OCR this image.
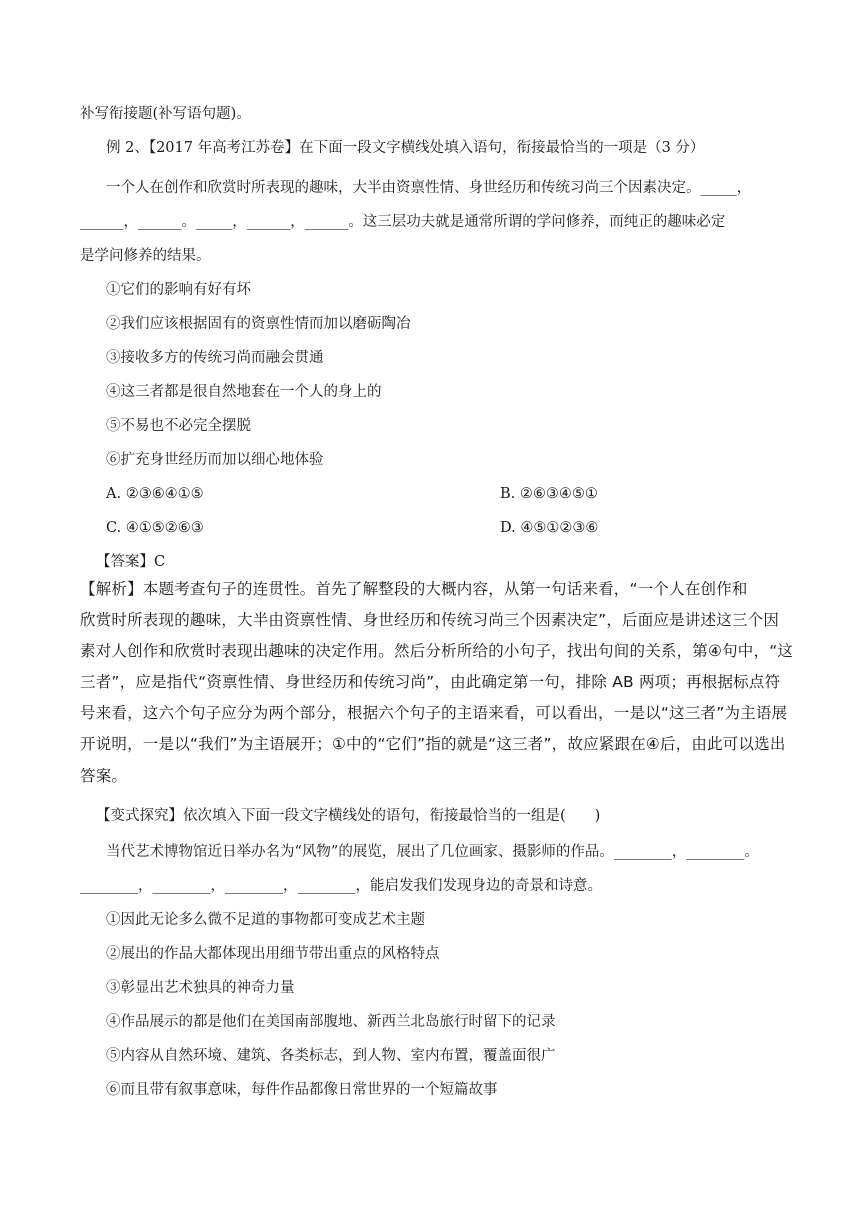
补写衔接题(补写语句题)。
例 2、【2017 年高考江苏卷】在下面一段文字横线处填入语句，衔接最恰当的一项是（3 分）
一个人在创作和欣赏时所表现的趣味，大半由资禀性情、身世经历和传统习尚三个因素决定。_____，
______，______。_____，______，______。这三层功夫就是通常所谓的学问修养，而纯正的趣味必定
是学问修养的结果。
①它们的影响有好有坏
②我们应该根据固有的资禀性情而加以磨砺陶冶
③接收多方的传统习尚而融会贯通
④这三者都是很自然地套在一个人的身上的
⑤不易也不必完全摆脱
⑥扩充身世经历而加以细心地体验
A. ②③⑥④①⑤	B. ②⑥③④⑤①
C. ④①⑤②⑥③	D. ④⑤①②③⑥
【答案】C
【解析】本题考查句子的连贯性。首先了解整段的大概内容，从第一句话来看，“一个人在创作和
欣赏时所表现的趣味，大半由资禀性情、身世经历和传统习尚三个因素决定”，后面应是讲述这三个因
素对人创作和欣赏时表现出趣味的决定作用。然后分析所给的小句子，找出句间的关系，第④句中，“这
三者”，应是指代“资禀性情、身世经历和传统习尚”，由此确定第一句，排除 AB 两项；再根据标点符
号来看，这六个句子应分为两个部分，根据六个句子的主语来看，可以看出，一是以“这三者”为主语展
开说明，一是以“我们”为主语展开；①中的“它们”指的就是“这三者”，故应紧跟在④后，由此可以选出
答案。
【变式探究】依次填入下面一段文字横线处的语句，衔接最恰当的一组是(　　)
当代艺术博物馆近日举办名为“风物”的展览，展出了几位画家、摄影师的作品。________，________。
________，________，________，________，能启发我们发现身边的奇景和诗意。
①因此无论多么微不足道的事物都可变成艺术主题
②展出的作品大都体现出用细节带出重点的风格特点
③彰显出艺术独具的神奇力量
④作品展示的都是他们在美国南部腹地、新西兰北岛旅行时留下的记录
⑤内容从自然环境、建筑、各类标志，到人物、室内布置，覆盖面很广
⑥而且带有叙事意味，每件作品都像日常世界的一个短篇故事
